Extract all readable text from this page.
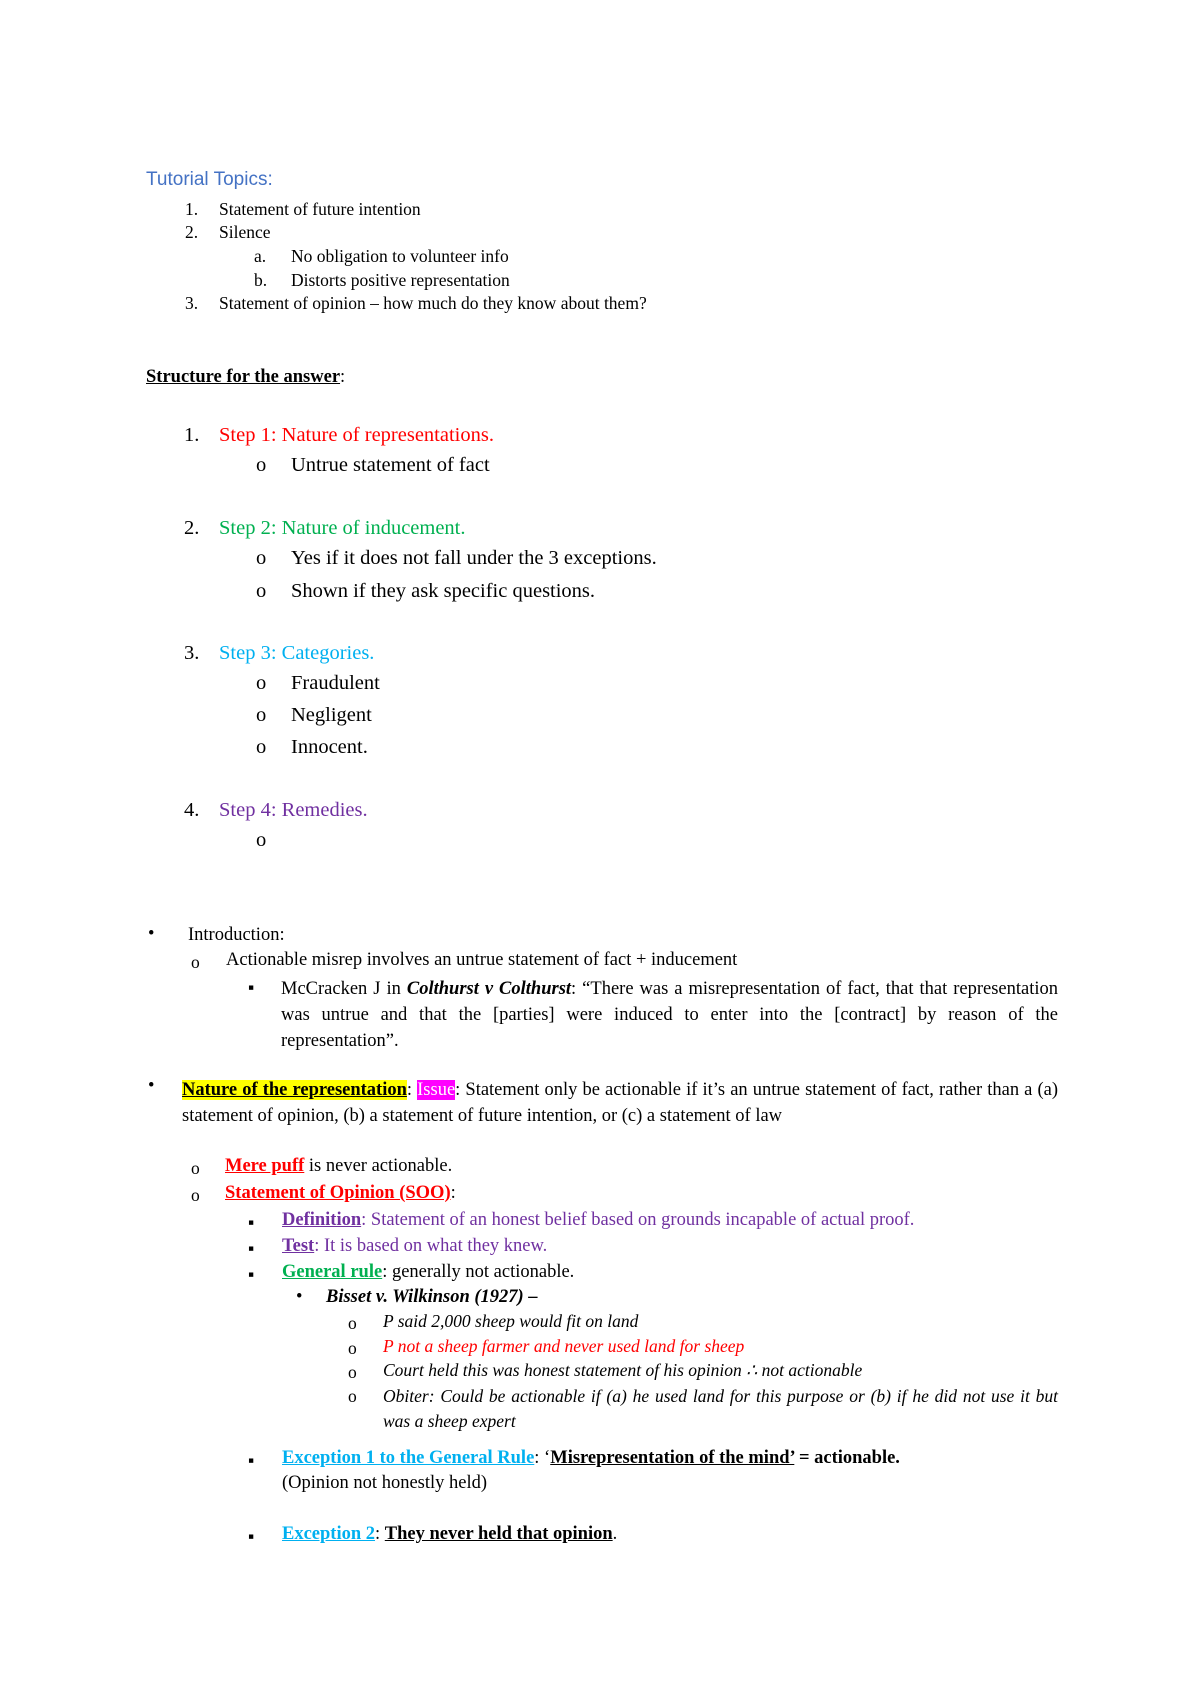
Tutorial Topics:
1. Statement of future intention
2. Silence
a. No obligation to volunteer info
b. Distorts positive representation
3. Statement of opinion – how much do they know about them?
Structure for the answer:
1. Step 1: Nature of representations.
o Untrue statement of fact
2. Step 2: Nature of inducement.
o Yes if it does not fall under the 3 exceptions.
o Shown if they ask specific questions.
3. Step 3: Categories.
o Fraudulent
o Negligent
o Innocent.
4. Step 4: Remedies.
o
• Introduction:
o Actionable misrep involves an untrue statement of fact + inducement
▪ McCracken J in Colthurst v Colthurst: “There was a misrepresentation of fact, that that representation was untrue and that the [parties] were induced to enter into the [contract] by reason of the representation”.
• Nature of the representation: Issue: Statement only be actionable if it’s an untrue statement of fact, rather than a (a) statement of opinion, (b) a statement of future intention, or (c) a statement of law
o Mere puff is never actionable.
o Statement of Opinion (SOO):
▪ Definition: Statement of an honest belief based on grounds incapable of actual proof.
▪ Test: It is based on what they knew.
▪ General rule: generally not actionable.
• Bisset v. Wilkinson (1927) –
o P said 2,000 sheep would fit on land
o P not a sheep farmer and never used land for sheep
o Court held this was honest statement of his opinion ∴ not actionable
o Obiter: Could be actionable if (a) he used land for this purpose or (b) if he did not use it but was a sheep expert
▪ Exception 1 to the General Rule: ‘Misrepresentation of the mind’ = actionable.
(Opinion not honestly held)
▪ Exception 2: They never held that opinion.
